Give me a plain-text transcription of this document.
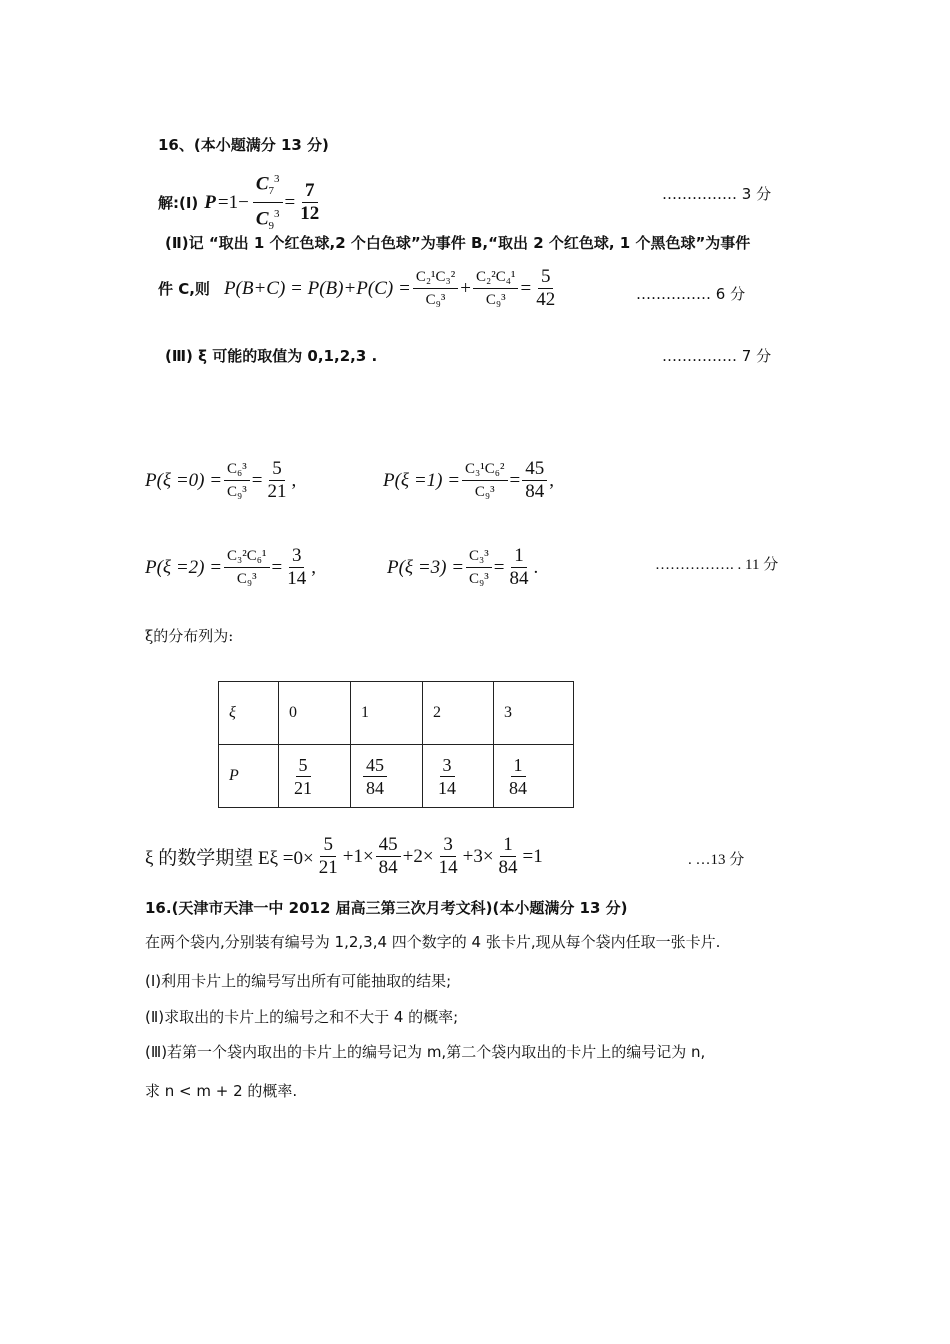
16、(本小题满分 13 分)
解:(Ⅰ) $P =1- \frac{C_7^3}{C_9^3} = \frac{7}{12}$	…………… 3 分
(Ⅱ)记 “取出 1 个红色球,2 个白色球”为事件 B,“取出 2 个红色球, 1 个黑色球”为事件
件 C,则 $P(B+C) = P(B)+P(C) = \frac{\text{C₂¹C₃²}}{\text{C₉³}} + \frac{\text{C₂²C₄¹}}{\text{C₉³}} = \frac{5}{42}$	…………… 6 分
(Ⅲ) ξ 可能的取值为 0,1,2,3 .	…………… 7 分
$P(\xi =0) = \frac{\text{C₆³}}{\text{C₉³}} = \frac{5}{21}$ ,	$P(\xi =1) = \frac{\text{C₃¹C₆²}}{\text{C₉³}} = \frac{45}{84}$ ,
$P(\xi =2) = \frac{\text{C₃²C₆¹}}{\text{C₉³}} = \frac{3}{14}$ ,	$P(\xi =3) = \frac{\text{C₃³}}{\text{C₉³}} = \frac{1}{84}$ .	……………. . 11 分
ξ的分布列为:
ξ	0	1	2	3
P	$\frac{5}{21}$	$\frac{45}{84}$	$\frac{3}{14}$	$\frac{1}{84}$
ξ 的数学期望 $E\xi =0\times \frac{5}{21} +1\times \frac{45}{84} +2\times \frac{3}{14} +3\times \frac{1}{84} =1$	. …13 分
16.(天津市天津一中 2012 届高三第三次月考文科)(本小题满分 13 分)
在两个袋内,分别装有编号为 1,2,3,4 四个数字的 4 张卡片,现从每个袋内任取一张卡片.
(Ⅰ)利用卡片上的编号写出所有可能抽取的结果;
(Ⅱ)求取出的卡片上的编号之和不大于 4 的概率;
(Ⅲ)若第一个袋内取出的卡片上的编号记为 m,第二个袋内取出的卡片上的编号记为 n,
求 n < m + 2 的概率.
